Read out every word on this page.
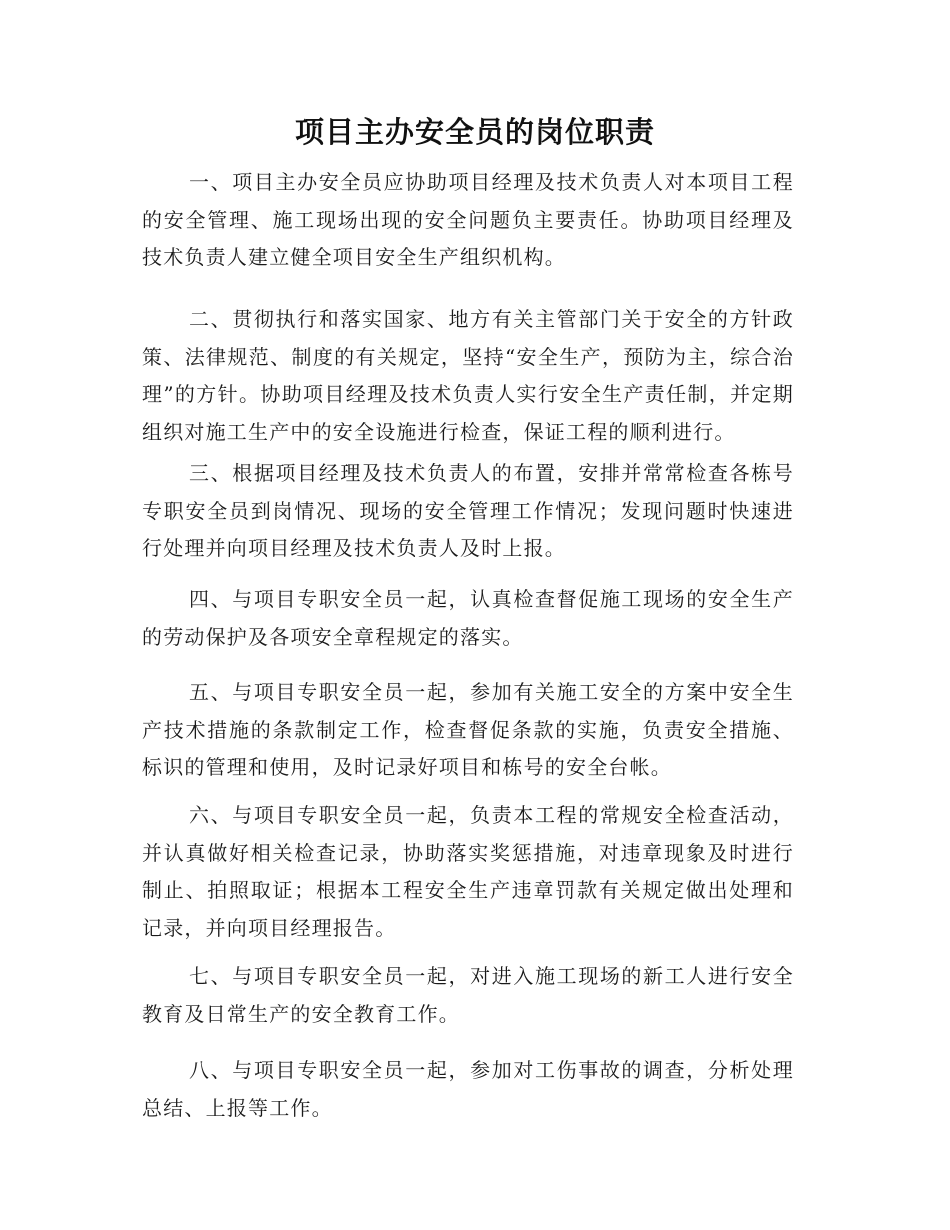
项目主办安全员的岗位职责

一、项目主办安全员应协助项目经理及技术负责人对本项目工程的安全管理、施工现场出现的安全问题负主要责任。协助项目经理及技术负责人建立健全项目安全生产组织机构。

二、贯彻执行和落实国家、地方有关主管部门关于安全的方针政策、法律规范、制度的有关规定，坚持“安全生产，预防为主，综合治理”的方针。协助项目经理及技术负责人实行安全生产责任制，并定期组织对施工生产中的安全设施进行检查，保证工程的顺利进行。

三、根据项目经理及技术负责人的布置，安排并常常检查各栋号专职安全员到岗情况、现场的安全管理工作情况；发现问题时快速进行处理并向项目经理及技术负责人及时上报。

四、与项目专职安全员一起，认真检查督促施工现场的安全生产的劳动保护及各项安全章程规定的落实。

五、与项目专职安全员一起，参加有关施工安全的方案中安全生产技术措施的条款制定工作，检查督促条款的实施，负责安全措施、标识的管理和使用，及时记录好项目和栋号的安全台帐。

六、与项目专职安全员一起，负责本工程的常规安全检查活动，并认真做好相关检查记录，协助落实奖惩措施，对违章现象及时进行制止、拍照取证；根据本工程安全生产违章罚款有关规定做出处理和记录，并向项目经理报告。

七、与项目专职安全员一起，对进入施工现场的新工人进行安全教育及日常生产的安全教育工作。

八、与项目专职安全员一起，参加对工伤事故的调查，分析处理总结、上报等工作。
